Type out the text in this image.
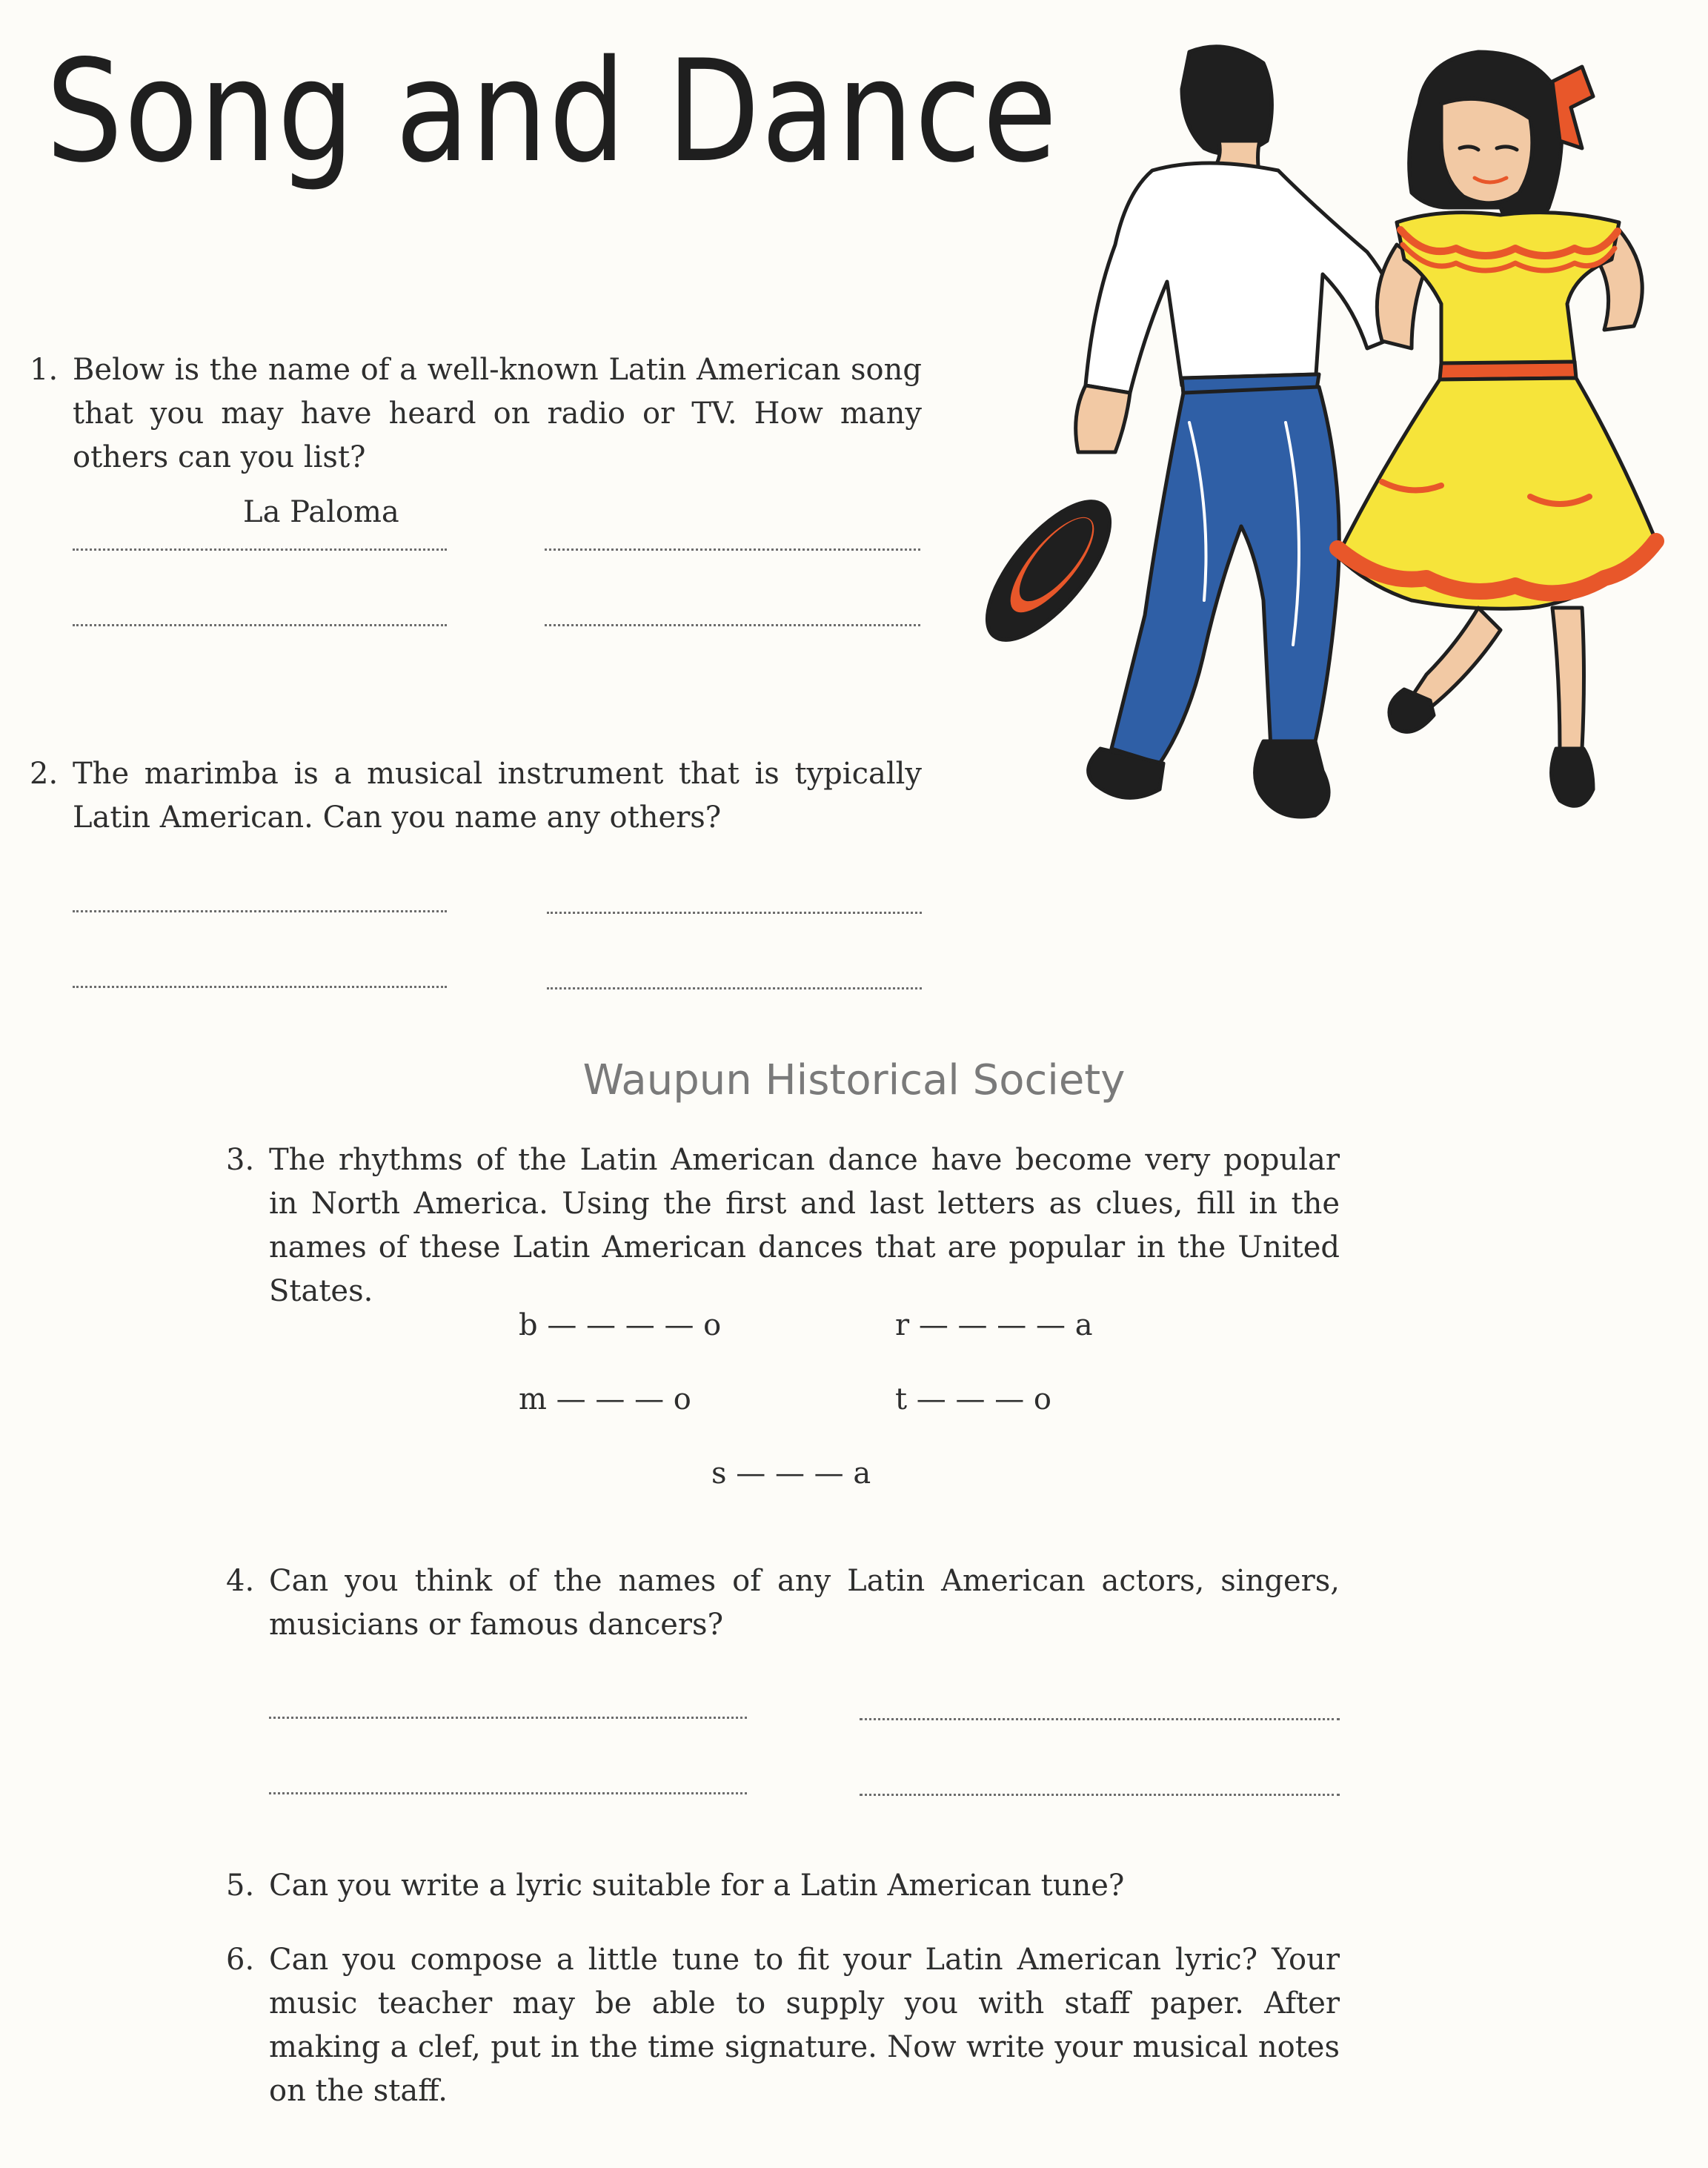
Song and Dance
1. Below is the name of a well-known Latin American song that you may have heard on radio or TV. How many others can you list?
La Paloma
2. The marimba is a musical instrument that is typically Latin American. Can you name any others?
Waupun Historical Society
3. The rhythms of the Latin American dance have become very popular in North America. Using the first and last letters as clues, fill in the names of these Latin American dances that are popular in the United States.
b — — — — o	r — — — — a
m — — — o	t — — — o
s — — — a
4. Can you think of the names of any Latin American actors, singers, musicians or famous dancers?
5. Can you write a lyric suitable for a Latin American tune?
6. Can you compose a little tune to fit your Latin American lyric? Your music teacher may be able to supply you with staff paper. After making a clef, put in the time signature. Now write your musical notes on the staff.
